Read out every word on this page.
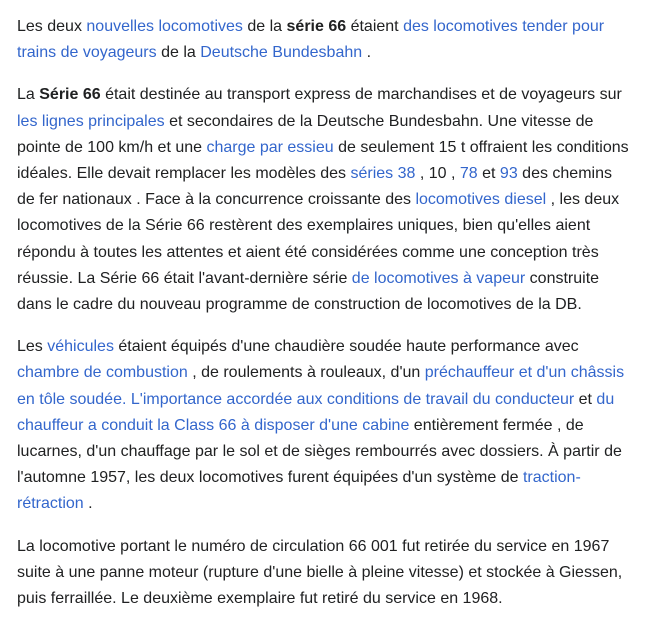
Les deux nouvelles locomotives de la série 66 étaient des locomotives tender pour trains de voyageurs de la Deutsche Bundesbahn .

La Série 66 était destinée au transport express de marchandises et de voyageurs sur les lignes principales et secondaires de la Deutsche Bundesbahn. Une vitesse de pointe de 100 km/h et une charge par essieu de seulement 15 t offraient les conditions idéales. Elle devait remplacer les modèles des séries 38 , 10 , 78 et 93 des chemins de fer nationaux . Face à la concurrence croissante des locomotives diesel , les deux locomotives de la Série 66 restèrent des exemplaires uniques, bien qu'elles aient répondu à toutes les attentes et aient été considérées comme une conception très réussie. La Série 66 était l'avant-dernière série de locomotives à vapeur construite dans le cadre du nouveau programme de construction de locomotives de la DB.

Les véhicules étaient équipés d'une chaudière soudée haute performance avec chambre de combustion , de roulements à rouleaux, d'un préchauffeur et d'un châssis en tôle soudée. L'importance accordée aux conditions de travail du conducteur et du chauffeur a conduit la Class 66 à disposer d'une cabine entièrement fermée , de lucarnes, d'un chauffage par le sol et de sièges rembourrés avec dossiers. À partir de l'automne 1957, les deux locomotives furent équipées d'un système de traction-rétraction .

La locomotive portant le numéro de circulation 66 001 fut retirée du service en 1967 suite à une panne moteur (rupture d'une bielle à pleine vitesse) et stockée à Giessen, puis ferraillée. Le deuxième exemplaire fut retiré du service en 1968.
